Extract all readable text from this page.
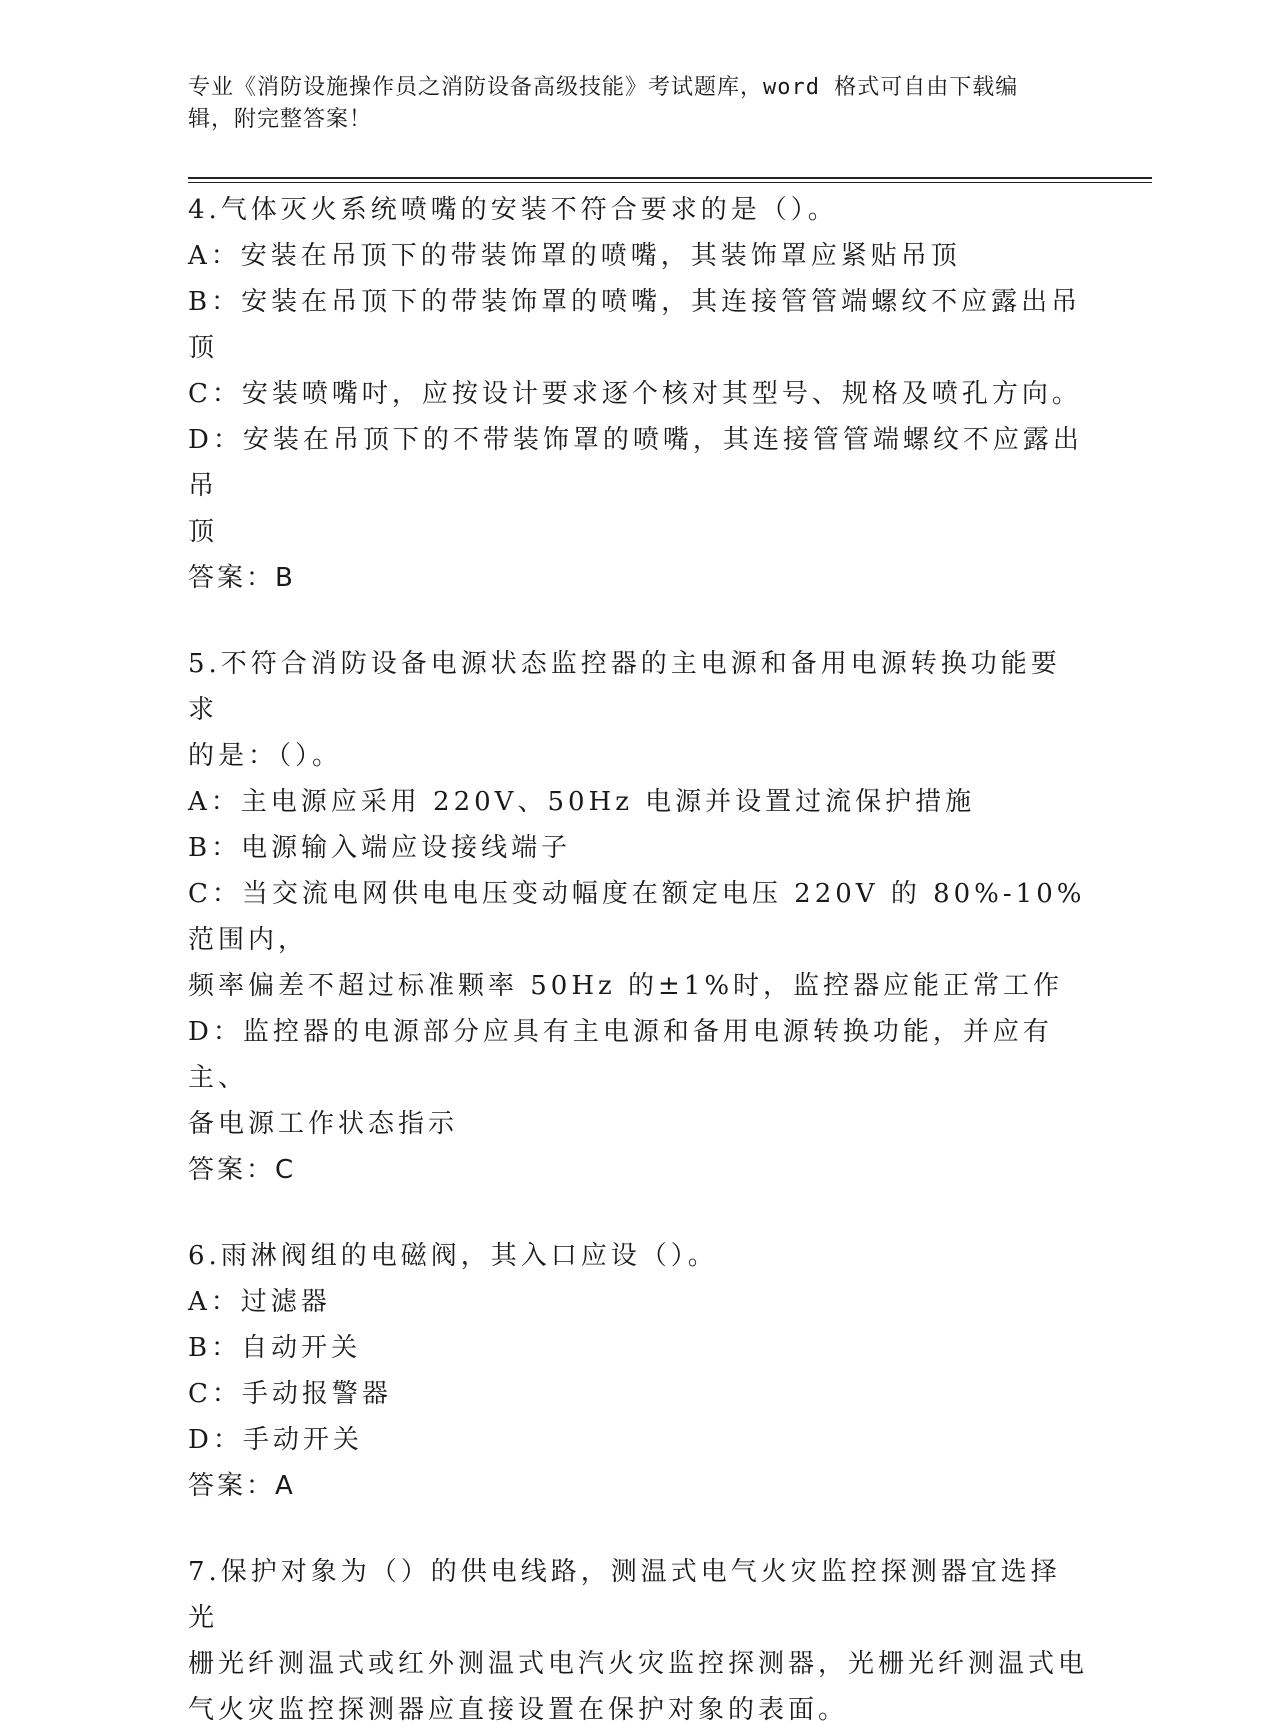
专业《消防设施操作员之消防设备高级技能》考试题库，word 格式可自由下载编
辑，附完整答案！
4.气体灭火系统喷嘴的安装不符合要求的是（）。
A：安装在吊顶下的带装饰罩的喷嘴，其装饰罩应紧贴吊顶
B：安装在吊顶下的带装饰罩的喷嘴，其连接管管端螺纹不应露出吊顶
C：安装喷嘴吋，应按设计要求逐个核对其型号、规格及喷孔方向。
D：安装在吊顶下的不带装饰罩的喷嘴，其连接管管端螺纹不应露出吊
顶
答案：B
5.不符合消防设备电源状态监控器的主电源和备用电源转换功能要求
的是：（）。
A：主电源应采用 220V、50Hz 电源并设置过流保护措施
B：电源输入端应设接线端子
C：当交流电网供电电压变动幅度在额定电压 220V 的 80%-10%范围内，
频率偏差不超过标准颗率 50Hz 的±1%时，监控器应能正常工作
D：监控器的电源部分应具有主电源和备用电源转换功能，并应有主、
备电源工作状态指示
答案：C
6.雨淋阀组的电磁阀，其入口应设（）。
A：过滤器
B：自动开关
C：手动报警器
D：手动开关
答案：A
7.保护对象为（）的供电线路，测温式电气火灾监控探测器宜选择光
栅光纤测温式或红外测温式电汽火灾监控探测器，光栅光纤测温式电
气火灾监控探测器应直接设置在保护对象的表面。
